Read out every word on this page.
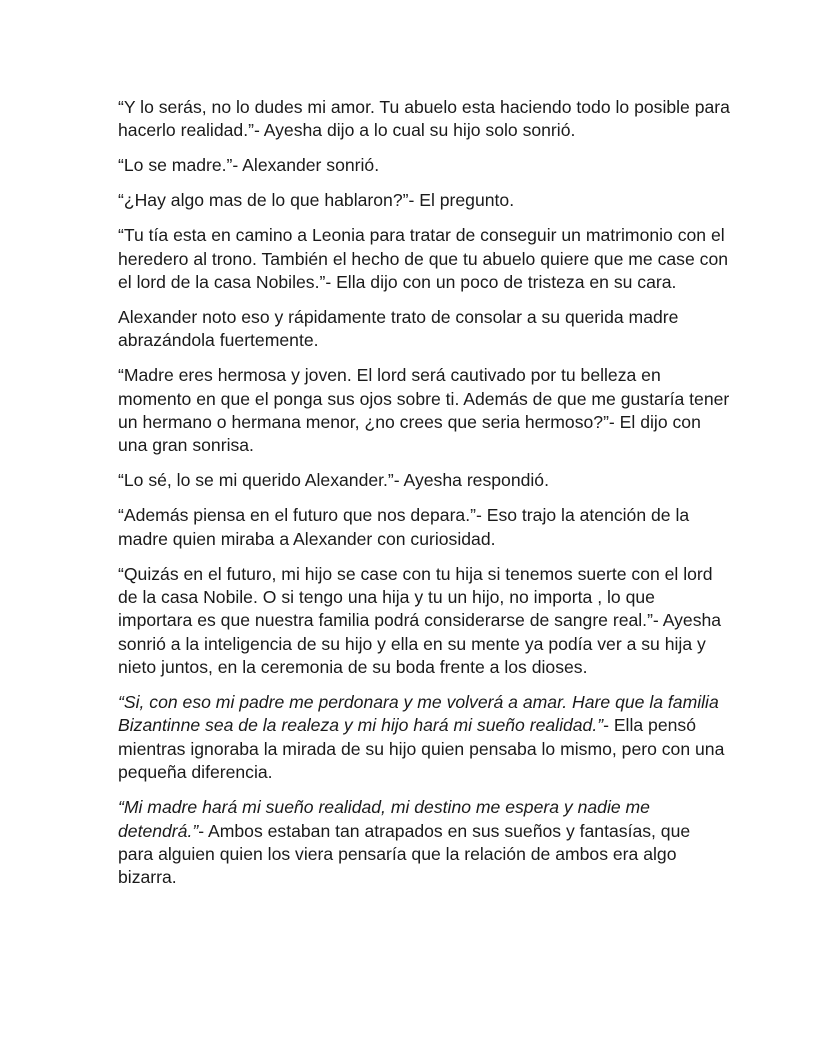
“Y lo serás, no lo dudes mi amor. Tu abuelo esta haciendo todo lo posible para hacerlo realidad.”- Ayesha dijo a lo cual su hijo solo sonrió.

“Lo se madre.”- Alexander sonrió.

“¿Hay algo mas de lo que hablaron?”- El pregunto.

“Tu tía esta en camino a Leonia para tratar de conseguir un matrimonio con el heredero al trono. También el hecho de que tu abuelo quiere que me case con el lord de la casa Nobiles.”- Ella dijo con un poco de tristeza en su cara.

Alexander noto eso y rápidamente trato de consolar a su querida madre abrazándola fuertemente.

“Madre eres hermosa y joven. El lord será cautivado por tu belleza en momento en que el ponga sus ojos sobre ti. Además de que me gustaría tener un hermano o hermana menor, ¿no crees que seria hermoso?”- El dijo con una gran sonrisa.

“Lo sé, lo se mi querido Alexander.”- Ayesha respondió.

“Además piensa en el futuro que nos depara.”- Eso trajo la atención de la madre quien miraba a Alexander con curiosidad.

“Quizás en el futuro, mi hijo se case con tu hija si tenemos suerte con el lord de la casa Nobile. O si tengo una hija y tu un hijo, no importa , lo que importara es que nuestra familia podrá considerarse de sangre real.”- Ayesha sonrió a la inteligencia de su hijo y ella en su mente ya podía ver a su hija y nieto juntos, en la ceremonia de su boda frente a los dioses.

“Si, con eso mi padre me perdonara y me volverá a amar. Hare que la familia Bizantinne sea de la realeza y mi hijo hará mi sueño realidad.”- Ella pensó mientras ignoraba la mirada de su hijo quien pensaba lo mismo, pero con una pequeña diferencia.

“Mi madre hará mi sueño realidad, mi destino me espera y nadie me detendrá.”- Ambos estaban tan atrapados en sus sueños y fantasías, que para alguien quien los viera pensaría que la relación de ambos era algo bizarra.
